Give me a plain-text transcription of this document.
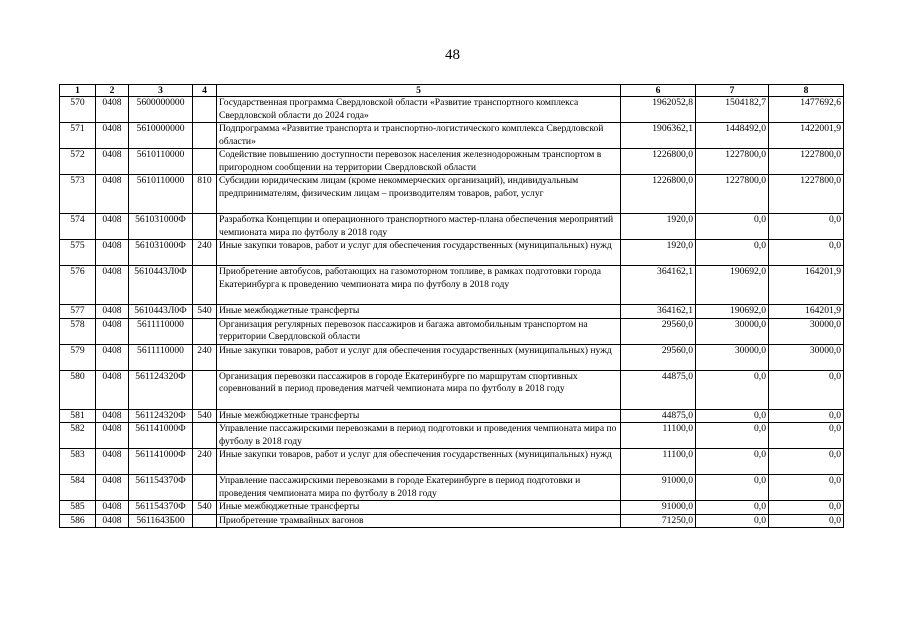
48
1	2	3	4	5	6	7	8
570	0408	5600000000		Государственная программа Свердловской области «Развитие транспортного комплекса Свердловской области до 2024 года»	1962052,8	1504182,7	1477692,6
571	0408	5610000000		Подпрограмма «Развитие транспорта и транспортно-логистического комплекса Свердловской области»	1906362,1	1448492,0	1422001,9
572	0408	5610110000		Содействие повышению доступности перевозок населения железнодорожным транспортом в пригородном сообщении на территории Свердловской области	1226800,0	1227800,0	1227800,0
573	0408	5610110000	810	Субсидии юридическим лицам (кроме некоммерческих организаций), индивидуальным предпринимателям, физическим лицам – производителям товаров, работ, услуг	1226800,0	1227800,0	1227800,0
574	0408	561031000Ф		Разработка Концепции и операционного транспортного мастер-плана обеспечения мероприятий чемпионата мира по футболу в 2018 году	1920,0	0,0	0,0
575	0408	561031000Ф	240	Иные закупки товаров, работ и услуг для обеспечения государственных (муниципальных) нужд	1920,0	0,0	0,0
576	0408	5610443Л0Ф		Приобретение автобусов, работающих на газомоторном топливе, в рамках подготовки города Екатеринбурга к проведению чемпионата мира по футболу в 2018 году	364162,1	190692,0	164201,9
577	0408	5610443Л0Ф	540	Иные межбюджетные трансферты	364162,1	190692,0	164201,9
578	0408	5611110000		Организация регулярных перевозок пассажиров и багажа автомобильным транспортом на территории Свердловской области	29560,0	30000,0	30000,0
579	0408	5611110000	240	Иные закупки товаров, работ и услуг для обеспечения государственных (муниципальных) нужд	29560,0	30000,0	30000,0
580	0408	561124320Ф		Организация перевозки пассажиров в городе Екатеринбурге по маршрутам спортивных соревнований в период проведения матчей чемпионата мира по футболу в 2018 году	44875,0	0,0	0,0
581	0408	561124320Ф	540	Иные межбюджетные трансферты	44875,0	0,0	0,0
582	0408	561141000Ф		Управление пассажирскими перевозками в период подготовки и проведения чемпионата мира по футболу в 2018 году	11100,0	0,0	0,0
583	0408	561141000Ф	240	Иные закупки товаров, работ и услуг для обеспечения государственных (муниципальных) нужд	11100,0	0,0	0,0
584	0408	561154370Ф		Управление пассажирскими перевозками в городе Екатеринбурге в период подготовки и проведения чемпионата мира по футболу в 2018 году	91000,0	0,0	0,0
585	0408	561154370Ф	540	Иные межбюджетные трансферты	91000,0	0,0	0,0
586	0408	5611643Б00		Приобретение трамвайных вагонов	71250,0	0,0	0,0
